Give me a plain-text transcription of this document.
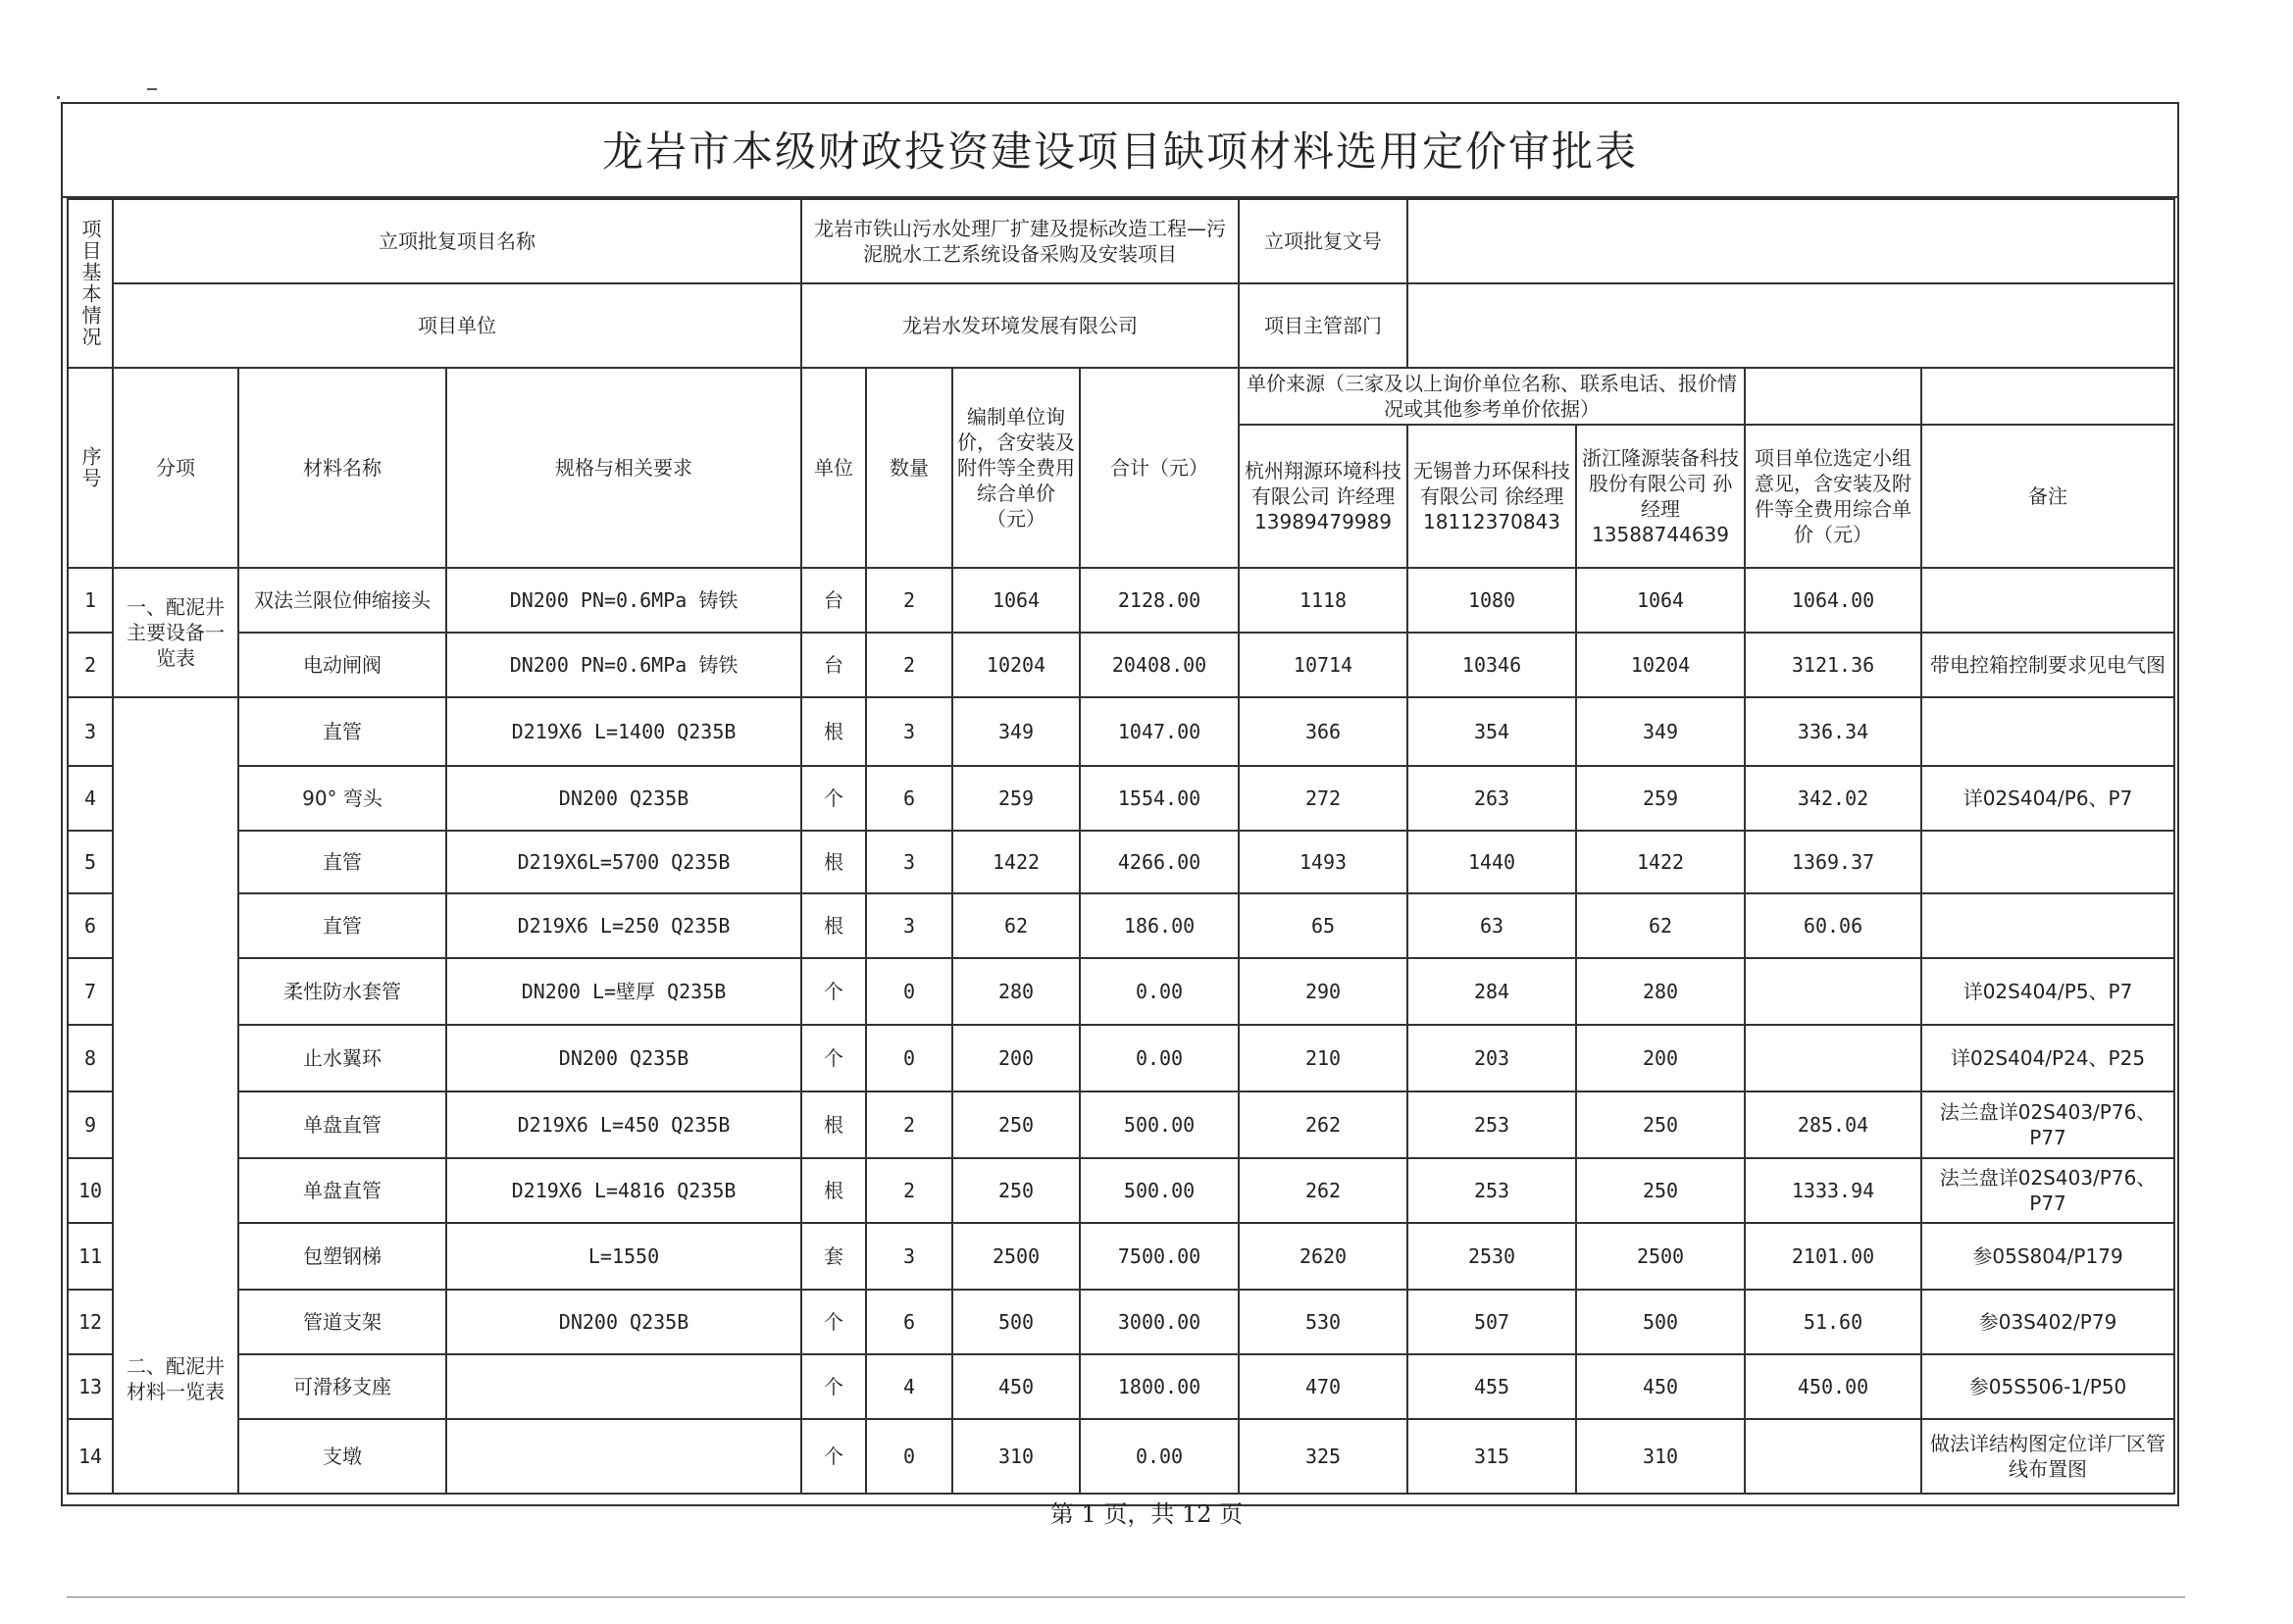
龙岩市本级财政投资建设项目缺项材料选用定价审批表
项目基本情况	立项批复项目名称			龙岩市铁山污水处理厂扩建及提标改造工程—污泥脱水工艺系统设备采购及安装项目				立项批复文号				
	项目单位			龙岩水发环境发展有限公司				项目主管部门				

序号	分项	材料名称	规格与相关要求	单位	数量	编制单位询价，含安装及附件等全费用综合单价（元）	合计（元）	单价来源（三家及以上询价单位名称、联系电话、报价情况或其他参考单价依据）				
								杭州翔源环境科技有限公司 许经理 13989479989	无锡普力环保科技有限公司 徐经理 18112370843	浙江隆源装备科技股份有限公司 孙经理 13588744639	项目单位选定小组意见，含安装及附件等全费用综合单价（元）	备注
1	一、配泥井主要设备一览表	双法兰限位伸缩接头	DN200 PN=0.6MPa 铸铁	台	2	1064	2128.00	1118	1080	1064	1064.00	
2		电动闸阀	DN200 PN=0.6MPa 铸铁	台	2	10204	20408.00	10714	10346	10204	3121.36	带电控箱控制要求见电气图
3	二、配泥井材料一览表	直管	D219X6 L=1400 Q235B	根	3	349	1047.00	366	354	349	336.34	
4		90° 弯头	DN200 Q235B	个	6	259	1554.00	272	263	259	342.02	详02S404/P6、P7
5		直管	D219X6L=5700 Q235B	根	3	1422	4266.00	1493	1440	1422	1369.37	
6		直管	D219X6 L=250 Q235B	根	3	62	186.00	65	63	62	60.06	
7		柔性防水套管	DN200 L=壁厚 Q235B	个	0	280	0.00	290	284	280		详02S404/P5、P7
8		止水翼环	DN200 Q235B	个	0	200	0.00	210	203	200		详02S404/P24、P25
9		单盘直管	D219X6 L=450 Q235B	根	2	250	500.00	262	253	250	285.04	法兰盘详02S403/P76、P77
10		单盘直管	D219X6 L=4816 Q235B	根	2	250	500.00	262	253	250	1333.94	法兰盘详02S403/P76、P77
11		包塑钢梯	L=1550	套	3	2500	7500.00	2620	2530	2500	2101.00	参05S804/P179
12		管道支架	DN200 Q235B	个	6	500	3000.00	530	507	500	51.60	参03S402/P79
13		可滑移支座		个	4	450	1800.00	470	455	450	450.00	参05S506-1/P50
14		支墩		个	0	310	0.00	325	315	310		做法详结构图定位详厂区管线布置图
第 1 页，共 12 页
